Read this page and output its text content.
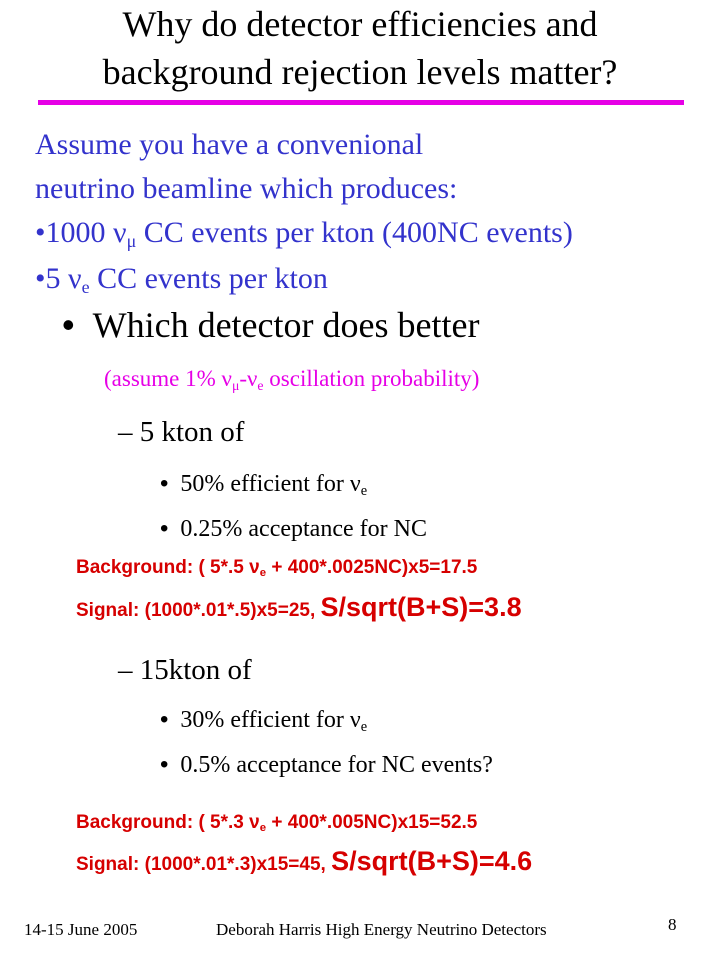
Why do detector efficiencies and
background rejection levels matter?
Assume you have a convenional
neutrino beamline which produces:
•1000 $\nu_\mu$ CC events per kton (400NC events)
•5 $\nu_e$ CC events per kton
• Which detector does better
(assume 1% $\nu_\mu-\nu_e$ oscillation probability)
– 5 kton of
• 50% efficient for $\nu_e$
• 0.25% acceptance for NC
Background: ( 5*.5 $\nu_e + 400*.0025NC)x5=17.5$
Signal: (1000*.01*.5)x5=25, S/sqrt(B+S)=3.8
– 15kton of
• 30% efficient for $\nu_e$
• 0.5% acceptance for NC events?
Background: ( 5*.3 $\nu_e + 400*.005NC)x15=52.5$
Signal: (1000*.01*.3)x15=45, S/sqrt(B+S)=4.6
14-15 June 2005	Deborah Harris High Energy Neutrino Detectors	8
